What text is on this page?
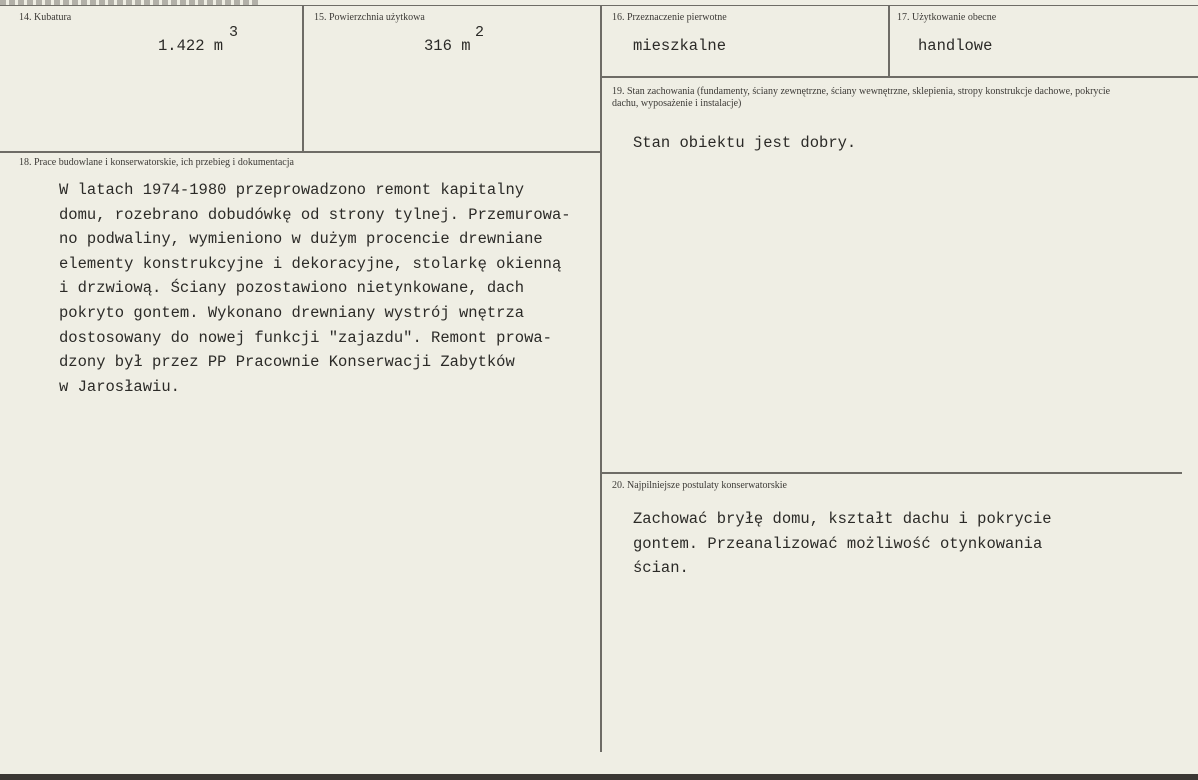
14. Kubatura
1.422 m
3
15. Powierzchnia użytkowa
316 m
2
16. Przeznaczenie pierwotne
mieszkalne
17. Użytkowanie obecne
handlowe
18. Prace budowlane i konserwatorskie, ich przebieg i dokumentacja
W latach 1974-1980 przeprowadzono remont kapitalny
domu, rozebrano dobudówkę od strony tylnej. Przemurowa-
no podwaliny, wymieniono w dużym procencie drewniane
elementy konstrukcyjne i dekoracyjne, stolarkę okienną
i drzwiową. Ściany pozostawiono nietynkowane, dach
pokryto gontem. Wykonano drewniany wystrój wnętrza
dostosowany do nowej funkcji "zajazdu". Remont prowa-
dzony był przez PP Pracownie Konserwacji Zabytków
w Jarosławiu.
19. Stan zachowania (fundamenty, ściany zewnętrzne, ściany wewnętrzne, sklepienia, stropy konstrukcje dachowe, pokrycie dachu, wyposażenie i instalacje)
Stan obiektu jest dobry.
20. Najpilniejsze postulaty konserwatorskie
Zachować bryłę domu, kształt dachu i pokrycie
gontem. Przeanalizować możliwość otynkowania
ścian.
